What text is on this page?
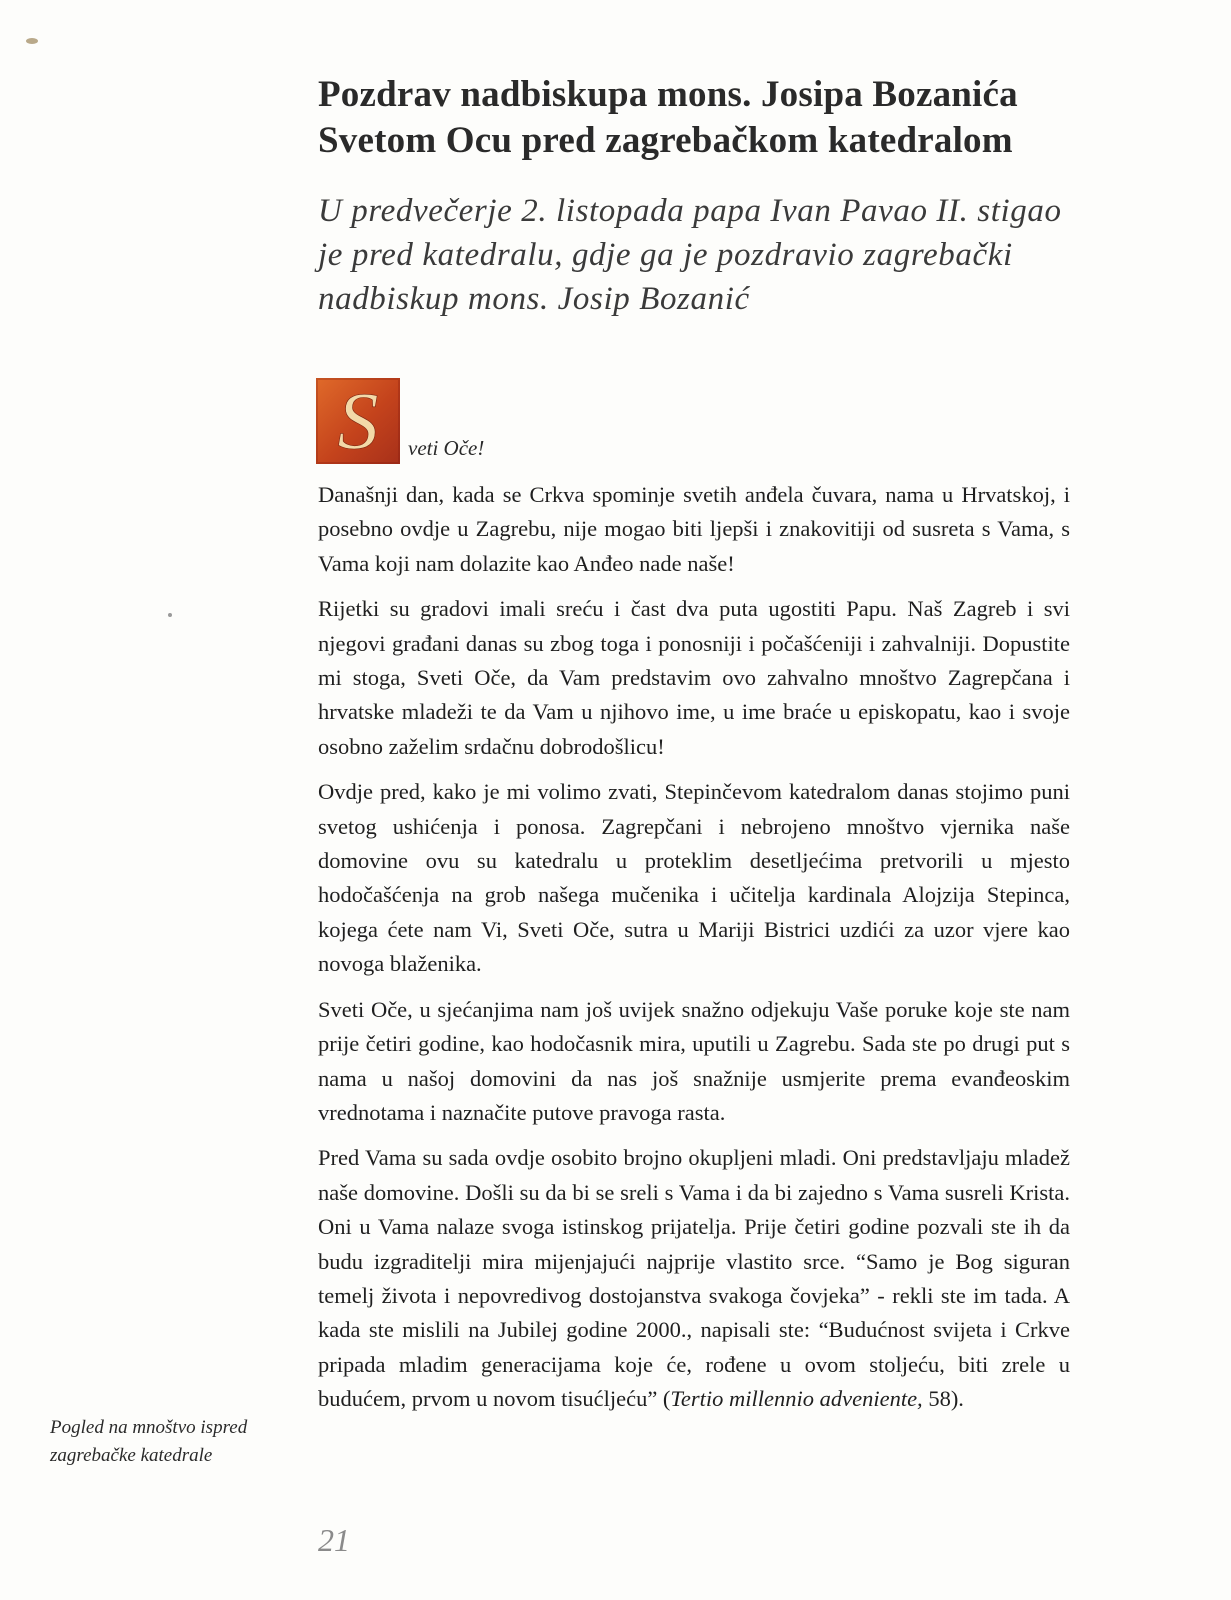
Pozdrav nadbiskupa mons. Josipa Bozanića
Svetom Ocu pred zagrebačkom katedralom

U predvečerje 2. listopada papa Ivan Pavao II. stigao je pred katedralu, gdje ga je pozdravio zagrebački nadbiskup mons. Josip Bozanić

S veti Oče!

Današnji dan, kada se Crkva spominje svetih anđela čuvara, nama u Hrvatskoj, i posebno ovdje u Zagrebu, nije mogao biti ljepši i znakovitiji od susreta s Vama, s Vama koji nam dolazite kao Anđeo nade naše!

Rijetki su gradovi imali sreću i čast dva puta ugostiti Papu. Naš Zagreb i svi njegovi građani danas su zbog toga i ponosniji i počašćeniji i zahvalniji. Dopustite mi stoga, Sveti Oče, da Vam predstavim ovo zahvalno mnoštvo Zagrepčana i hrvatske mladeži te da Vam u njihovo ime, u ime braće u episkopatu, kao i svoje osobno zaželim srdačnu dobrodošlicu!

Ovdje pred, kako je mi volimo zvati, Stepinčevom katedralom danas stojimo puni svetog ushićenja i ponosa. Zagrepčani i nebrojeno mnoštvo vjernika naše domovine ovu su katedralu u proteklim desetljećima pretvorili u mjesto hodočašćenja na grob našega mučenika i učitelja kardinala Alojzija Stepinca, kojega ćete nam Vi, Sveti Oče, sutra u Mariji Bistrici uzdići za uzor vjere kao novoga blaženika.

Sveti Oče, u sjećanjima nam još uvijek snažno odjekuju Vaše poruke koje ste nam prije četiri godine, kao hodočasnik mira, uputili u Zagrebu. Sada ste po drugi put s nama u našoj domovini da nas još snažnije usmjerite prema evanđeoskim vrednotama i naznačite putove pravoga rasta.

Pred Vama su sada ovdje osobito brojno okupljeni mladi. Oni predstavljaju mladež naše domovine. Došli su da bi se sreli s Vama i da bi zajedno s Vama susreli Krista. Oni u Vama nalaze svoga istinskog prijatelja. Prije četiri godine pozvali ste ih da budu izgraditelji mira mijenjajući najprije vlastito srce. “Samo je Bog siguran temelj života i nepovredivog dostojanstva svakoga čovjeka” - rekli ste im tada. A kada ste mislili na Jubilej godine 2000., napisali ste: “Budućnost svijeta i Crkve pripada mladim generacijama koje će, rođene u ovom stoljeću, biti zrele u budućem, prvom u novom tisućljeću” (Tertio millennio adveniente, 58).

Pogled na mnoštvo ispred
zagrebačke katedrale

21
